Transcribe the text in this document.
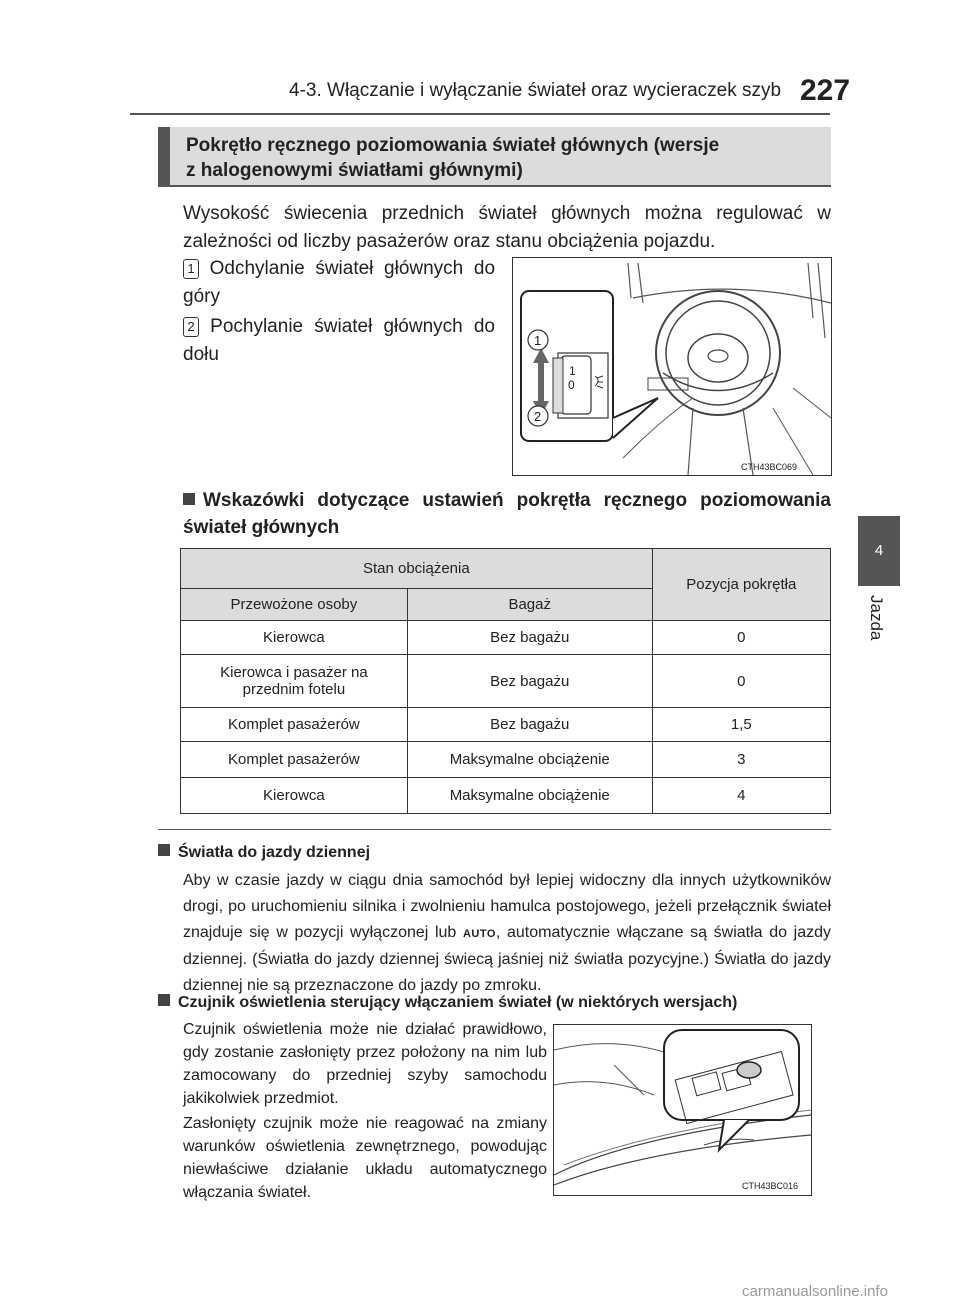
4-3. Włączanie i wyłączanie świateł oraz wycieraczek szyb 227
4
Jazda
Pokrętło ręcznego poziomowania świateł głównych (wersje
z halogenowymi światłami głównymi)
Wysokość świecenia przednich świateł głównych można regulować w zależności od liczby pasażerów oraz stanu obciążenia pojazdu.
1 Odchylanie świateł głównych do góry
2 Pochylanie świateł głównych do dołu
1
0
1
2
CTH43BC069
Wskazówki dotyczące ustawień pokrętła ręcznego poziomowania świateł głównych
Stan obciążenia		Pozycja pokrętła
Przewożone osoby	Bagaż	
Kierowca	Bez bagażu	0
Kierowca i pasażer na przednim fotelu	Bez bagażu	0
Komplet pasażerów	Bez bagażu	1,5
Komplet pasażerów	Maksymalne obciążenie	3
Kierowca	Maksymalne obciążenie	4
Światła do jazdy dziennej
Aby w czasie jazdy w ciągu dnia samochód był lepiej widoczny dla innych użytkowników drogi, po uruchomieniu silnika i zwolnieniu hamulca postojowego, jeżeli przełącznik świateł znajduje się w pozycji wyłączonej lub AUTO, automatycznie włączane są światła do jazdy dziennej. (Światła do jazdy dziennej świecą jaśniej niż światła pozycyjne.) Światła do jazdy dziennej nie są przeznaczone do jazdy po zmroku.
Czujnik oświetlenia sterujący włączaniem świateł (w niektórych wersjach)
Czujnik oświetlenia może nie działać prawidłowo, gdy zostanie zasłonięty przez położony na nim lub zamocowany do przedniej szyby samochodu jakikolwiek przedmiot.
Zasłonięty czujnik może nie reagować na zmiany warunków oświetlenia zewnętrznego, powodując niewłaściwe działanie układu automatycznego włączania świateł.	CTH43BC016
carmanualsonline.info
